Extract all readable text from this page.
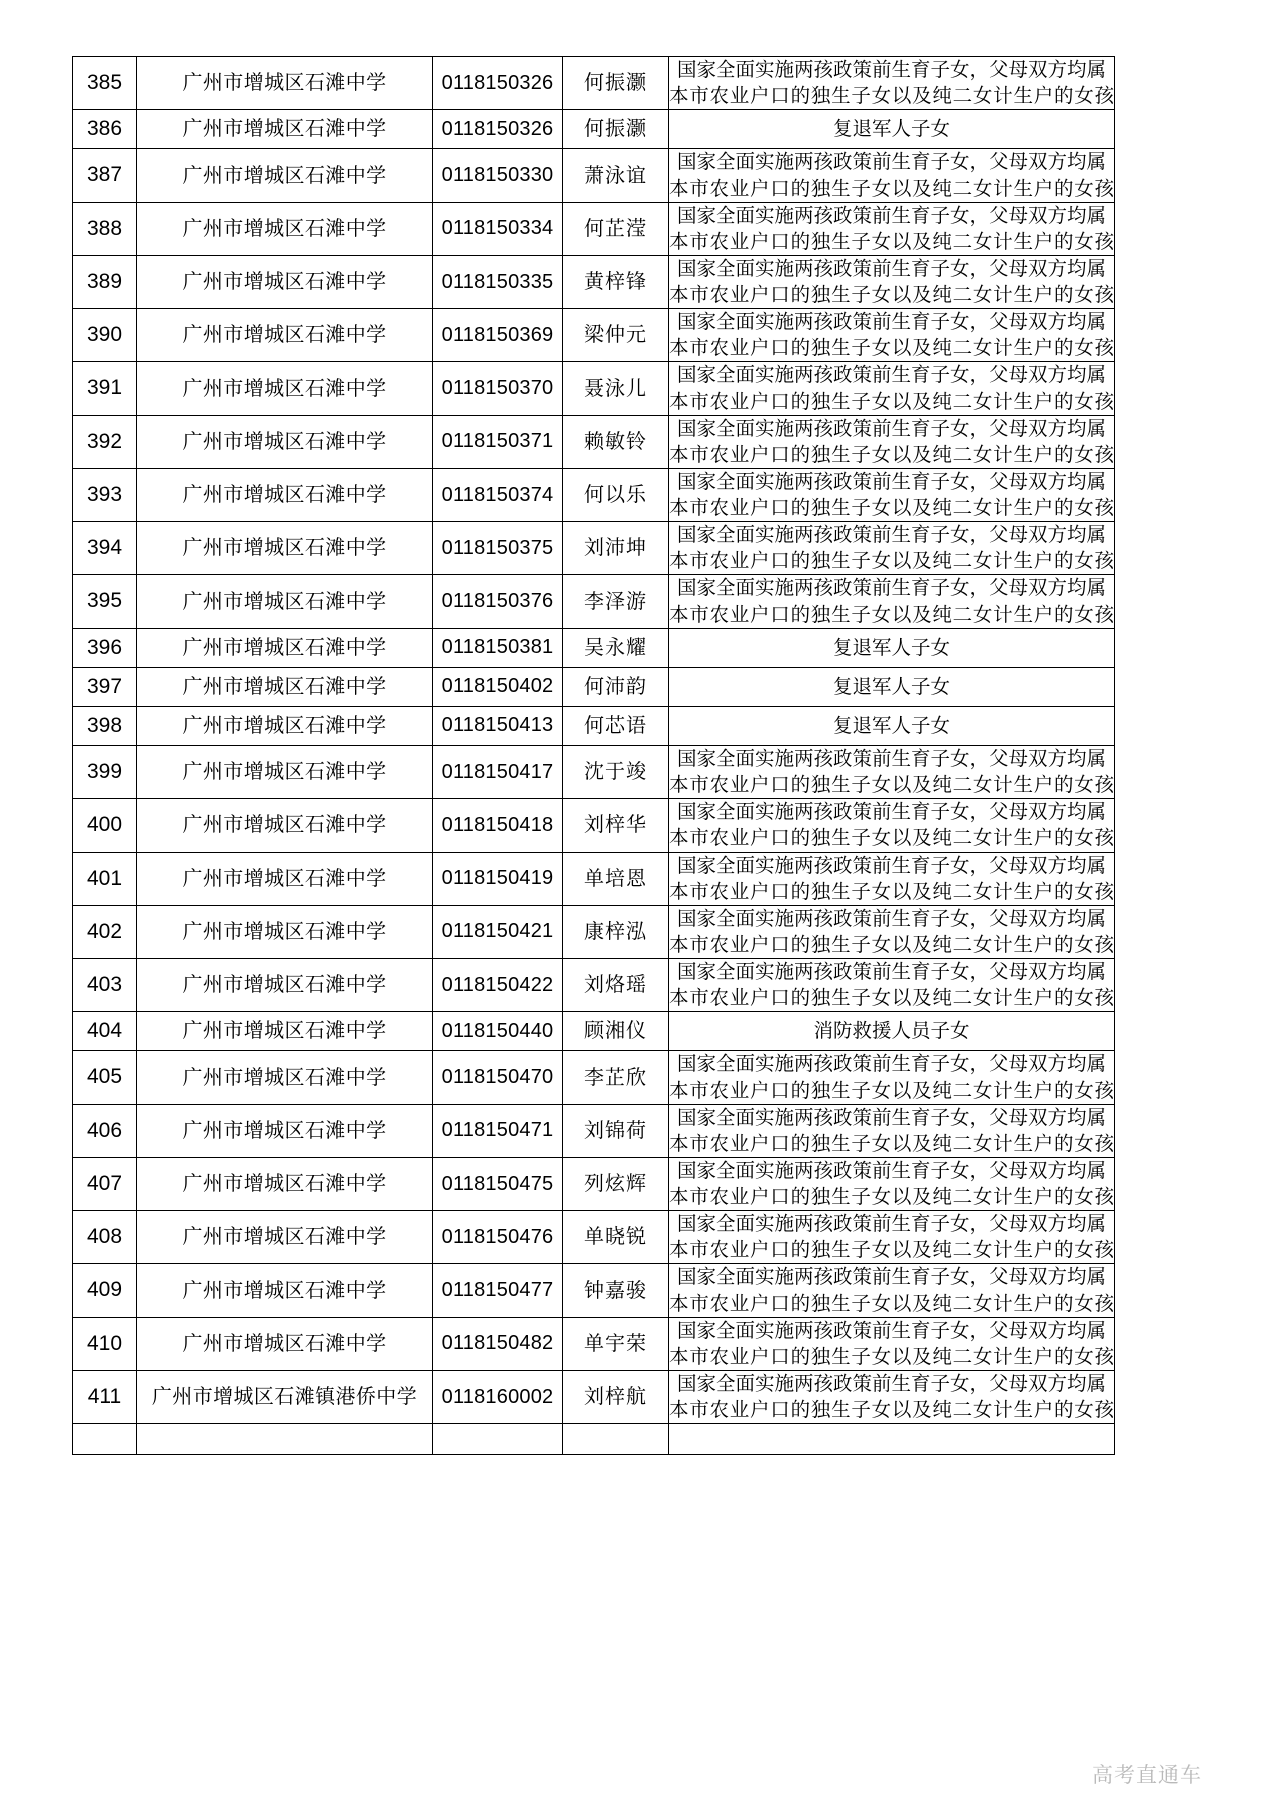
385	广州市增城区石滩中学	0118150326	何振灏	国家全面实施两孩政策前生育子女，父母双方均属本市农业户口的独生子女以及纯二女计生户的女孩
386	广州市增城区石滩中学	0118150326	何振灏	复退军人子女
387	广州市增城区石滩中学	0118150330	萧泳谊	国家全面实施两孩政策前生育子女，父母双方均属本市农业户口的独生子女以及纯二女计生户的女孩
388	广州市增城区石滩中学	0118150334	何芷滢	国家全面实施两孩政策前生育子女，父母双方均属本市农业户口的独生子女以及纯二女计生户的女孩
389	广州市增城区石滩中学	0118150335	黄梓锋	国家全面实施两孩政策前生育子女，父母双方均属本市农业户口的独生子女以及纯二女计生户的女孩
390	广州市增城区石滩中学	0118150369	梁仲元	国家全面实施两孩政策前生育子女，父母双方均属本市农业户口的独生子女以及纯二女计生户的女孩
391	广州市增城区石滩中学	0118150370	聂泳儿	国家全面实施两孩政策前生育子女，父母双方均属本市农业户口的独生子女以及纯二女计生户的女孩
392	广州市增城区石滩中学	0118150371	赖敏铃	国家全面实施两孩政策前生育子女，父母双方均属本市农业户口的独生子女以及纯二女计生户的女孩
393	广州市增城区石滩中学	0118150374	何以乐	国家全面实施两孩政策前生育子女，父母双方均属本市农业户口的独生子女以及纯二女计生户的女孩
394	广州市增城区石滩中学	0118150375	刘沛坤	国家全面实施两孩政策前生育子女，父母双方均属本市农业户口的独生子女以及纯二女计生户的女孩
395	广州市增城区石滩中学	0118150376	李泽游	国家全面实施两孩政策前生育子女，父母双方均属本市农业户口的独生子女以及纯二女计生户的女孩
396	广州市增城区石滩中学	0118150381	吴永耀	复退军人子女
397	广州市增城区石滩中学	0118150402	何沛韵	复退军人子女
398	广州市增城区石滩中学	0118150413	何芯语	复退军人子女
399	广州市增城区石滩中学	0118150417	沈于竣	国家全面实施两孩政策前生育子女，父母双方均属本市农业户口的独生子女以及纯二女计生户的女孩
400	广州市增城区石滩中学	0118150418	刘梓华	国家全面实施两孩政策前生育子女，父母双方均属本市农业户口的独生子女以及纯二女计生户的女孩
401	广州市增城区石滩中学	0118150419	单培恩	国家全面实施两孩政策前生育子女，父母双方均属本市农业户口的独生子女以及纯二女计生户的女孩
402	广州市增城区石滩中学	0118150421	康梓泓	国家全面实施两孩政策前生育子女，父母双方均属本市农业户口的独生子女以及纯二女计生户的女孩
403	广州市增城区石滩中学	0118150422	刘烙瑶	国家全面实施两孩政策前生育子女，父母双方均属本市农业户口的独生子女以及纯二女计生户的女孩
404	广州市增城区石滩中学	0118150440	顾湘仪	消防救援人员子女
405	广州市增城区石滩中学	0118150470	李芷欣	国家全面实施两孩政策前生育子女，父母双方均属本市农业户口的独生子女以及纯二女计生户的女孩
406	广州市增城区石滩中学	0118150471	刘锦荷	国家全面实施两孩政策前生育子女，父母双方均属本市农业户口的独生子女以及纯二女计生户的女孩
407	广州市增城区石滩中学	0118150475	列炫辉	国家全面实施两孩政策前生育子女，父母双方均属本市农业户口的独生子女以及纯二女计生户的女孩
408	广州市增城区石滩中学	0118150476	单晓锐	国家全面实施两孩政策前生育子女，父母双方均属本市农业户口的独生子女以及纯二女计生户的女孩
409	广州市增城区石滩中学	0118150477	钟嘉骏	国家全面实施两孩政策前生育子女，父母双方均属本市农业户口的独生子女以及纯二女计生户的女孩
410	广州市增城区石滩中学	0118150482	单宇荣	国家全面实施两孩政策前生育子女，父母双方均属本市农业户口的独生子女以及纯二女计生户的女孩
411	广州市增城区石滩镇港侨中学	0118160002	刘梓航	国家全面实施两孩政策前生育子女，父母双方均属本市农业户口的独生子女以及纯二女计生户的女孩

高考直通车
